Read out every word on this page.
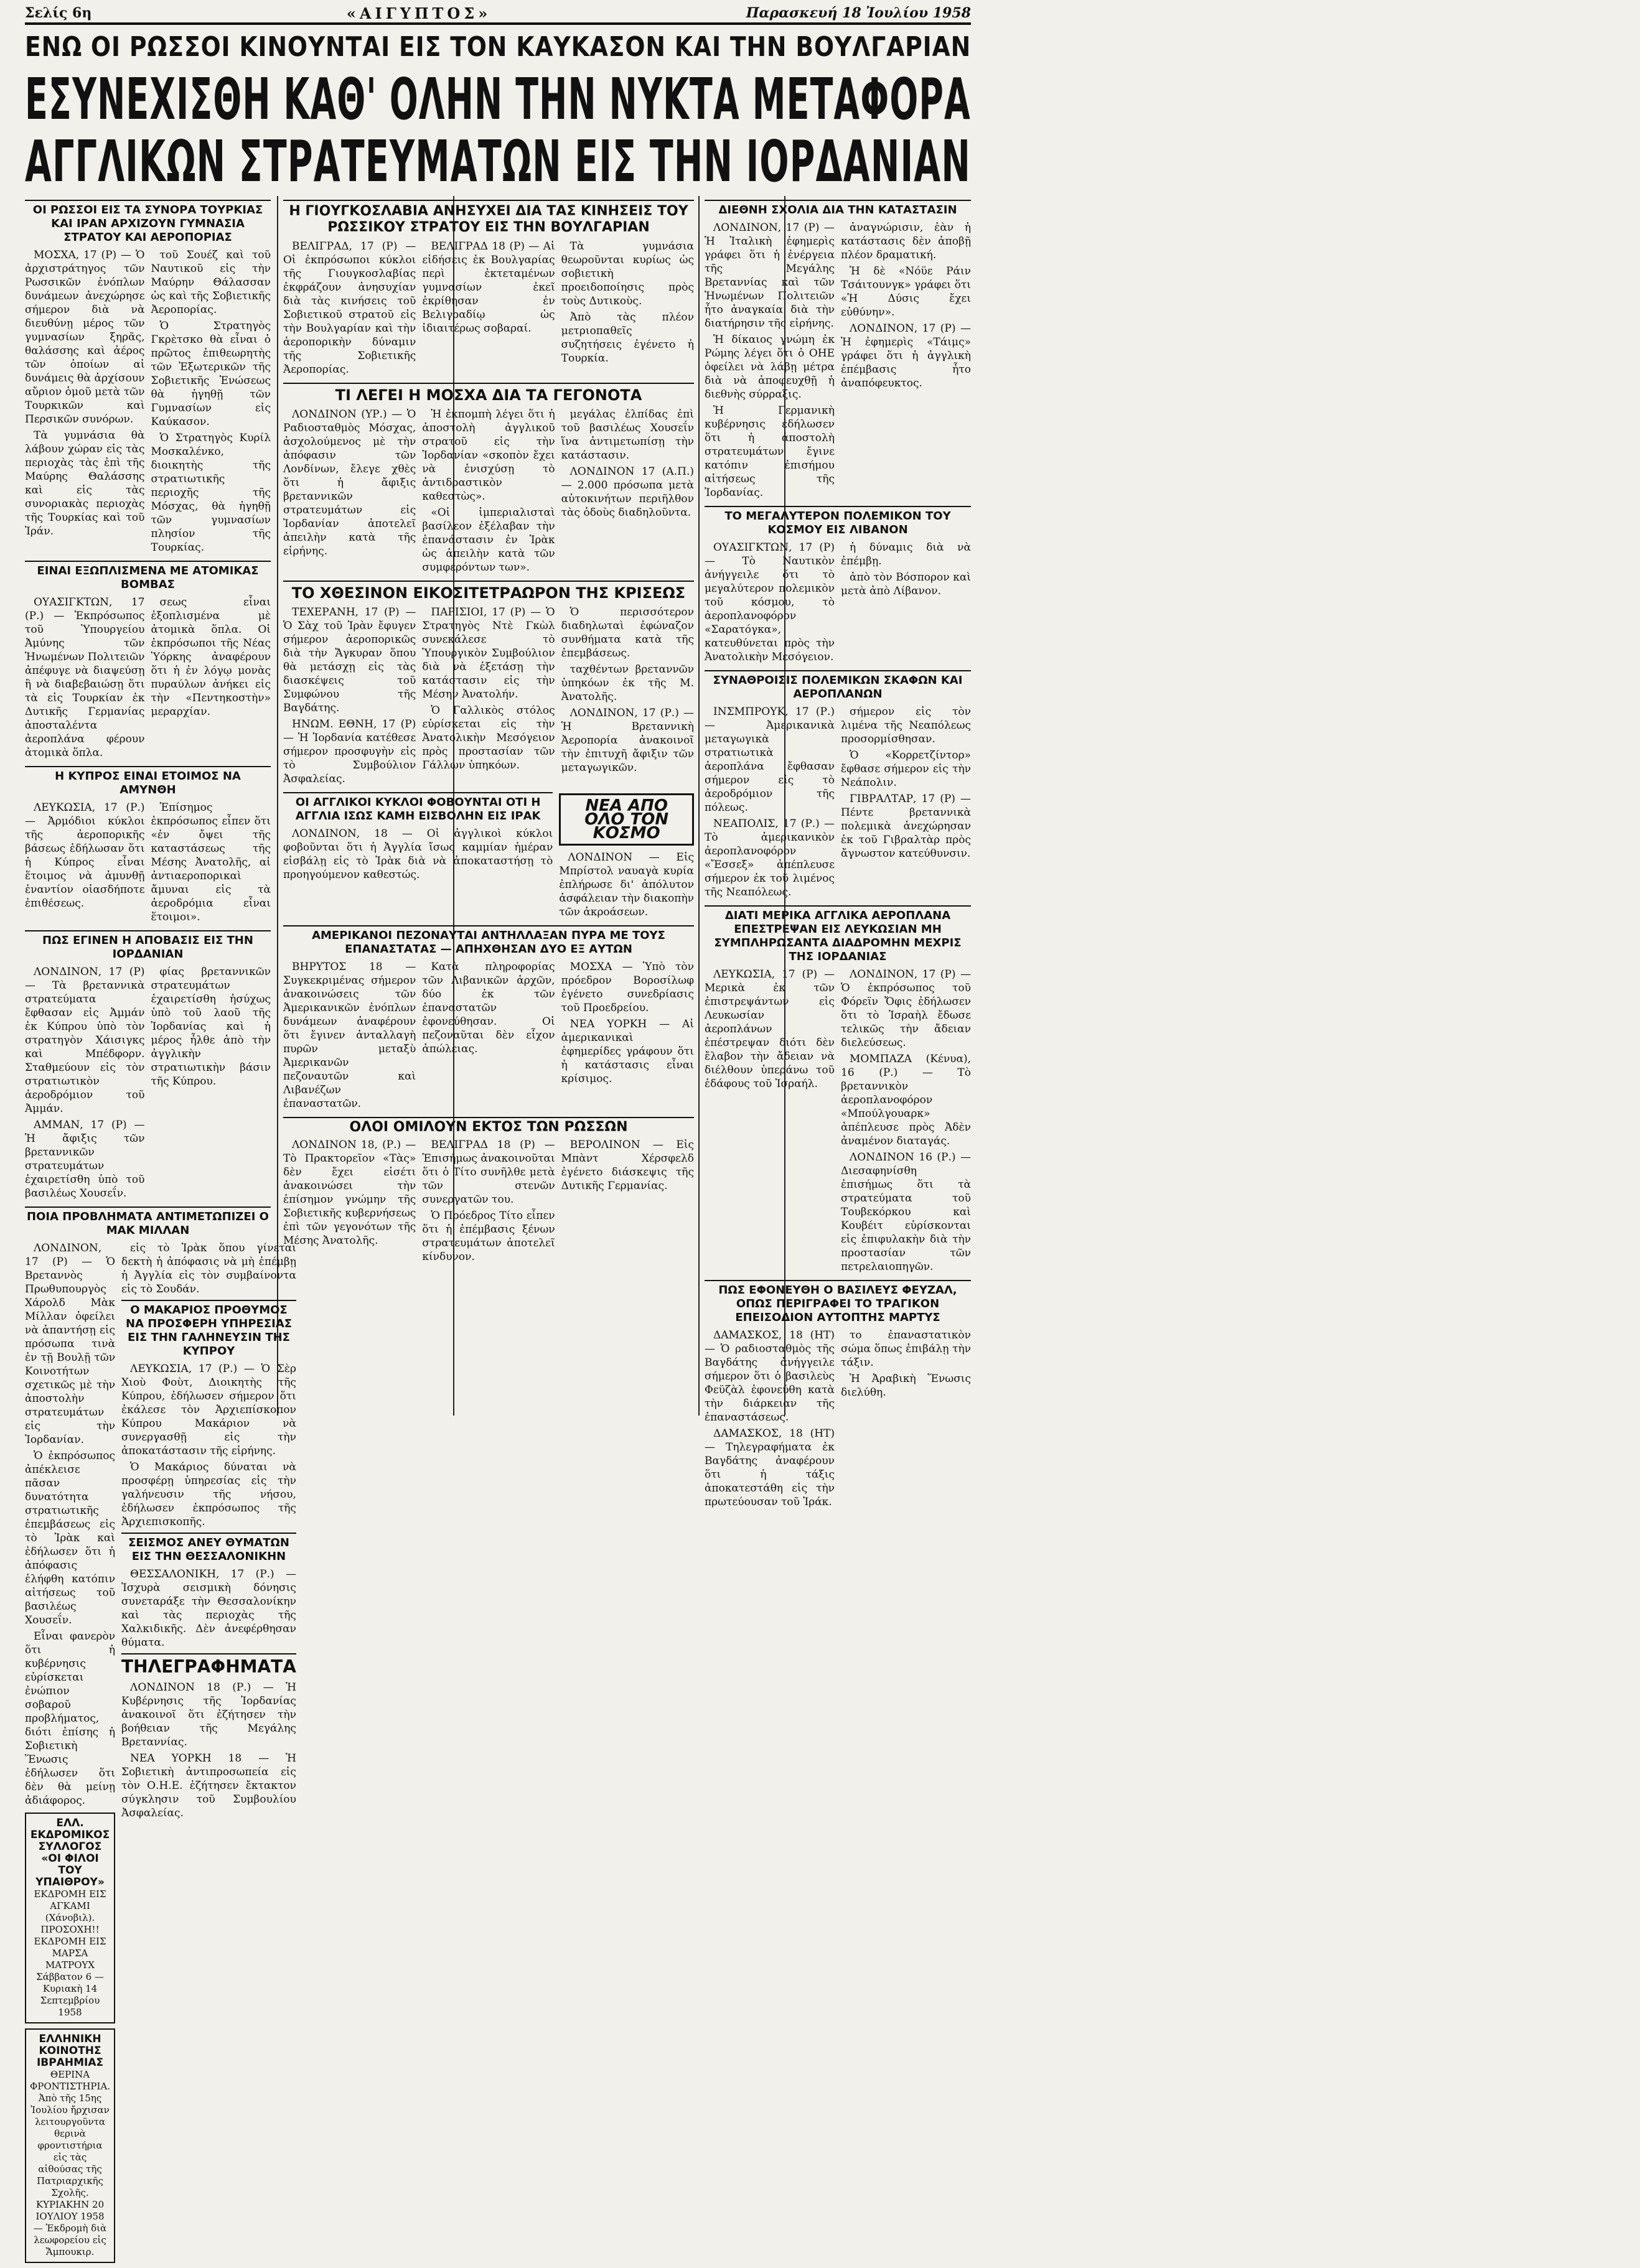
Σελίς 6η	«ΑΙΓΥΠΤΟΣ»	Παρασκευή 18 Ἰουλίου 1958
ΕΝΩ ΟΙ ΡΩΣΣΟΙ ΚΙΝΟΥΝΤΑΙ ΕΙΣ ΤΟΝ ΚΑΥΚΑΣΟΝ ΚΑΙ ΤΗΝ ΒΟΥΛΓΑΡΙΑΝ
ΕΣΥΝΕΧΙΣΘΗ ΚΑΘ' ΟΛΗΝ ΤΗΝ ΝΥΚΤΑ ΜΕΤΑΦΟΡΑ
ΑΓΓΛΙΚΩΝ ΣΤΡΑΤΕΥΜΑΤΩΝ ΕΙΣ ΤΗΝ ΙΟΡΔΑΝΙΑΝ
ΟΙ ΡΩΣΣΟΙ ΕΙΣ ΤΑ ΣΥΝΟΡΑ ΤΟΥΡΚΙΑΣ ΚΑΙ ΙΡΑΝ ΑΡΧΙΖΟΥΝ ΓΥΜΝΑΣΙΑ ΣΤΡΑΤΟΥ ΚΑΙ ΑΕΡΟΠΟΡΙΑΣ

ΜΟΣΧΑ, 17 (Ρ) — Ὁ ἀρχιστράτηγος τῶν Ρωσσικῶν ἐνόπλων δυνάμεων ἀνεχώρησε σήμερον διὰ νὰ διευθύνῃ μέρος τῶν γυμνασίων ξηρᾶς, θαλάσσης καὶ ἀέρος τῶν ὁποίων αἱ δυνάμεις θὰ ἀρχίσουν αὔριον ὁμοῦ μετὰ τῶν Τουρκικῶν καὶ Περσικῶν συνόρων.

Τὰ γυμνάσια θὰ λάβουν χώραν εἰς τὰς περιοχὰς τὰς ἐπὶ τῆς Μαύρης Θαλάσσης καὶ εἰς τὰς συνοριακὰς περιοχὰς τῆς Τουρκίας καὶ τοῦ Ἰράν.

τοῦ Σουέζ καὶ τοῦ Ναυτικοῦ εἰς τὴν Μαύρην Θάλασσαν ὡς καὶ τῆς Σοβιετικῆς Ἀεροπορίας.

Ὁ Στρατηγὸς Γκρὲτσκο θὰ εἶναι ὁ πρῶτος ἐπιθεωρητὴς τῶν Ἐξωτερικῶν τῆς Σοβιετικῆς Ἑνώσεως θὰ ἡγηθῇ τῶν Γυμνασίων εἰς Καύκασον.

Ὁ Στρατηγὸς Κυρίλ Μοσκαλένκο, διοικητὴς τῆς στρατιωτικῆς περιοχῆς τῆς Μόσχας, θὰ ἡγηθῇ τῶν γυμνασίων πλησίον τῆς Τουρκίας.

ΕΙΝΑΙ ΕΞΩΠΛΙΣΜΕΝΑ ΜΕ ΑΤΟΜΙΚΑΣ ΒΟΜΒΑΣ

ΟΥΑΣΙΓΚΤΩΝ, 17 (Ρ.) — Ἐκπρόσωπος τοῦ Ὑπουργείου Ἀμύνης τῶν Ἡνωμένων Πολιτειῶν ἀπέφυγε νὰ διαψεύσῃ ἢ νὰ διαβεβαιώσῃ ὅτι τὰ εἰς Τουρκίαν ἐκ Δυτικῆς Γερμανίας ἀποσταλέντα ἀεροπλάνα φέρουν ἀτομικὰ ὅπλα.

σεως εἶναι ἐξοπλισμένα μὲ ἀτομικὰ ὅπλα. Οἱ ἐκπρόσωποι τῆς Νέας Ὑόρκης ἀναφέρουν ὅτι ἡ ἐν λόγῳ μονὰς πυραύλων ἀνήκει εἰς τὴν «Πεντηκοστὴν» μεραρχίαν.

Η ΚΥΠΡΟΣ ΕΙΝΑΙ ΕΤΟΙΜΟΣ ΝΑ ΑΜΥΝΘΗ

ΛΕΥΚΩΣΙΑ, 17 (Ρ.) — Ἀρμόδιοι κύκλοι τῆς ἀεροπορικῆς βάσεως ἐδήλωσαν ὅτι ἡ Κύπρος εἶναι ἕτοιμος νὰ ἀμυνθῇ ἐναντίον οἱασδήποτε ἐπιθέσεως.

Ἐπίσημος ἐκπρόσωπος εἶπεν ὅτι «ἐν ὄψει τῆς καταστάσεως τῆς Μέσης Ἀνατολῆς, αἱ ἀντιαεροπορικαὶ ἄμυναι εἰς τὰ ἀεροδρόμια εἶναι ἕτοιμοι».

ΠΩΣ ΕΓΙΝΕΝ Η ΑΠΟΒΑΣΙΣ ΕΙΣ ΤΗΝ ΙΟΡΔΑΝΙΑΝ

ΛΟΝΔΙΝΟΝ, 17 (Ρ) — Τὰ βρεταννικὰ στρατεύματα ἔφθασαν εἰς Ἀμμάν ἐκ Κύπρου ὑπὸ τὸν στρατηγὸν Χάισιγκς καὶ Μπέδφορν. Σταθμεύουν εἰς τὸν στρατιωτικὸν ἀεροδρόμιον τοῦ Ἀμμάν.

ΑΜΜΑΝ, 17 (Ρ) — Ἡ ἄφιξις τῶν βρεταννικῶν στρατευμάτων ἐχαιρετίσθη ὑπὸ τοῦ βασιλέως Χουσεΐν.

φίας βρεταννικῶν στρατευμάτων ἐχαιρετίσθη ἡσύχως ὑπὸ τοῦ λαοῦ τῆς Ἰορδανίας καὶ ἡ μέρος ἦλθε ἀπὸ τὴν ἀγγλικὴν στρατιωτικὴν βάσιν τῆς Κύπρου.

ΠΟΙΑ ΠΡΟΒΛΗΜΑΤΑ ΑΝΤΙΜΕΤΩΠΙΖΕΙ Ο ΜΑΚ ΜΙΛΛΑΝ

ΛΟΝΔΙΝΟΝ, 17 (Ρ) — Ὁ Βρεταννὸς Πρωθυπουργὸς Χάρολδ Μὰκ Μίλλαν ὀφείλει νὰ ἀπαντήσῃ εἰς πρόσωπα τινὰ ἐν τῇ Βουλῇ τῶν Κοινοτήτων σχετικῶς μὲ τὴν ἀποστολὴν στρατευμάτων εἰς τὴν Ἰορδανίαν.

Ὁ ἐκπρόσωπος ἀπέκλεισε πᾶσαν δυνατότητα στρατιωτικῆς ἐπεμβάσεως εἰς τὸ Ἰρὰκ καὶ ἐδήλωσεν ὅτι ἡ ἀπόφασις ἐλήφθη κατόπιν αἰτήσεως τοῦ βασιλέως Χουσεΐν.

Εἶναι φανερὸν ὅτι ἡ κυβέρνησις εὑρίσκεται ἐνώπιον σοβαροῦ προβλήματος, διότι ἐπίσης ἡ Σοβιετικὴ Ἕνωσις ἐδήλωσεν ὅτι δὲν θὰ μείνῃ ἀδιάφορος.

ΕΛΛ. ΕΚΔΡΟΜΙΚΟΣ ΣΥΛΛΟΓΟΣ «ΟΙ ΦΙΛΟΙ ΤΟΥ ΥΠΑΙΘΡΟΥ»
ΕΚΔΡΟΜΗ ΕΙΣ ΑΓΚΑΜΙ (Χάνοβιλ). ΠΡΟΣΟΧΗ!! ΕΚΔΡΟΜΗ ΕΙΣ ΜΑΡΣΑ ΜΑΤΡΟΥΧ Σάββατον 6 — Κυριακὴ 14 Σεπτεμβρίου 1958
ΕΛΛΗΝΙΚΗ ΚΟΙΝΟΤΗΣ ΙΒΡΑΗΜΙΑΣ
ΘΕΡΙΝΑ ΦΡΟΝΤΙΣΤΗΡΙΑ. Ἀπὸ τῆς 15ης Ἰουλίου ἤρχισαν λειτουργοῦντα θερινὰ φροντιστήρια εἰς τὰς αἰθούσας τῆς Πατριαρχικῆς Σχολῆς. ΚΥΡΙΑΚΗΝ 20 ΙΟΥΛΙΟΥ 1958 — Ἐκδρομὴ διὰ λεωφορείου εἰς Ἄμπουκιρ.

εἰς τὸ Ἰρὰκ ὅπου γίνεται δεκτὴ ἡ ἀπόφασις νὰ μὴ ἐπέμβῃ ἡ Ἀγγλία εἰς τὸν συμβαίνοντα εἰς τὸ Σουδάν.

Ο ΜΑΚΑΡΙΟΣ ΠΡΟΘΥΜΟΣ ΝΑ ΠΡΟΣΦΕΡΗ ΥΠΗΡΕΣΙΑΣ ΕΙΣ ΤΗΝ ΓΑΛΗΝΕΥΣΙΝ ΤΗΣ ΚΥΠΡΟΥ

ΛΕΥΚΩΣΙΑ, 17 (Ρ.) — Ὁ Σὲρ Χιοὺ Φοὺτ, Διοικητὴς τῆς Κύπρου, ἐδήλωσεν σήμερον ὅτι ἐκάλεσε τὸν Ἀρχιεπίσκοπον Κύπρου Μακάριον νὰ συνεργασθῇ εἰς τὴν ἀποκατάστασιν τῆς εἰρήνης.

Ὁ Μακάριος δύναται νὰ προσφέρῃ ὑπηρεσίας εἰς τὴν γαλήνευσιν τῆς νήσου, ἐδήλωσεν ἐκπρόσωπος τῆς Ἀρχιεπισκοπῆς.

ΣΕΙΣΜΟΣ ΑΝΕΥ ΘΥΜΑΤΩΝ ΕΙΣ ΤΗΝ ΘΕΣΣΑΛΟΝΙΚΗΝ

ΘΕΣΣΑΛΟΝΙΚΗ, 17 (Ρ.) — Ἰσχυρὰ σεισμικὴ δόνησις συνεταράξε τὴν Θεσσαλονίκην καὶ τὰς περιοχὰς τῆς Χαλκιδικῆς. Δὲν ἀνεφέρθησαν θύματα.

ΤΗΛΕΓΡΑΦΗΜΑΤΑ

ΛΟΝΔΙΝΟΝ 18 (Ρ.) — Ἡ Κυβέρνησις τῆς Ἰορδανίας ἀνακοινοῖ ὅτι ἐζήτησεν τὴν βοήθειαν τῆς Μεγάλης Βρεταννίας.

ΝΕΑ ΥΟΡΚΗ 18 — Ἡ Σοβιετικὴ ἀντιπροσωπεία εἰς τὸν Ο.Η.Ε. ἐζήτησεν ἔκτακτον σύγκλησιν τοῦ Συμβουλίου Ἀσφαλείας.

Η ΓΙΟΥΓΚΟΣΛΑΒΙΑ ΑΝΗΣΥΧΕΙ ΔΙΑ ΤΑΣ ΚΙΝΗΣΕΙΣ ΤΟΥ ΡΩΣΣΙΚΟΥ ΣΤΡΑΤΟΥ ΕΙΣ ΤΗΝ ΒΟΥΛΓΑΡΙΑΝ

ΒΕΛΙΓΡΑΔ, 17 (Ρ) — Οἱ ἐκπρόσωποι κύκλοι τῆς Γιουγκοσλαβίας ἐκφράζουν ἀνησυχίαν διὰ τὰς κινήσεις τοῦ Σοβιετικοῦ στρατοῦ εἰς τὴν Βουλγαρίαν καὶ τὴν ἀεροπορικὴν δύναμιν τῆς Σοβιετικῆς Ἀεροπορίας.

ΒΕΛΙΓΡΑΔ 18 (Ρ) — Αἱ εἰδήσεις ἐκ Βουλγαρίας περὶ ἐκτεταμένων γυμνασίων ἐκεῖ ἐκρίθησαν ἐν Βελιγραδίῳ ὡς ἰδιαιτέρως σοβαραί.

Τὰ γυμνάσια θεωροῦνται κυρίως ὡς σοβιετικὴ προειδοποίησις πρὸς τοὺς Δυτικοὺς.

Ἀπὸ τὰς πλέον μετριοπαθεῖς συζητήσεις ἐγένετο ἡ Τουρκία.

ΤΙ ΛΕΓΕΙ Η ΜΟΣΧΑ ΔΙΑ ΤΑ ΓΕΓΟΝΟΤΑ

ΛΟΝΔΙΝΟΝ (ΥΡ.) — Ὁ Ραδιοσταθμὸς Μόσχας, ἀσχολούμενος μὲ τὴν ἀπόφασιν τῶν Λονδίνων, ἔλεγε χθὲς ὅτι ἡ ἄφιξις βρεταννικῶν στρατευμάτων εἰς Ἰορδανίαν ἀποτελεῖ ἀπειλὴν κατὰ τῆς εἰρήνης.

Ἡ ἐκπομπὴ λέγει ὅτι ἡ ἀποστολὴ ἀγγλικοῦ στρατοῦ εἰς τὴν Ἰορδανίαν «σκοπὸν ἔχει νὰ ἐνισχύσῃ τὸ ἀντιδραστικὸν καθεστὼς».

«Οἱ ἱμπεριαλισταὶ βασίλεον ἐξέλαβαν τὴν ἐπανάστασιν ἐν Ἰρὰκ ὡς ἀπειλὴν κατὰ τῶν συμφερόντων των».

μεγάλας ἐλπίδας ἐπὶ τοῦ βασιλέως Χουσεΐν ἵνα ἀντιμετωπίσῃ τὴν κατάστασιν.

ΛΟΝΔΙΝΟΝ 17 (Α.Π.) — 2.000 πρόσωπα μετὰ αὐτοκινήτων περιῆλθον τὰς ὁδοὺς διαδηλοῦντα.

ΤΟ ΧΘΕΣΙΝΟΝ ΕΙΚΟΣΙΤΕΤΡΑΩΡΟΝ ΤΗΣ ΚΡΙΣΕΩΣ

ΤΕΧΕΡΑΝΗ, 17 (Ρ) — Ὁ Σὰχ τοῦ Ἰρὰν ἔφυγεν σήμερον ἀεροπορικῶς διὰ τὴν Ἄγκυραν ὅπου θὰ μετάσχῃ εἰς τὰς διασκέψεις τοῦ Συμφώνου τῆς Βαγδάτης.

ΗΝΩΜ. ΕΘΝΗ, 17 (Ρ) — Ἡ Ἰορδανία κατέθεσε σήμερον προσφυγὴν εἰς τὸ Συμβούλιον Ἀσφαλείας.

ΠΑΡΙΣΙΟΙ, 17 (Ρ) — Ὁ Στρατηγὸς Ντὲ Γκὼλ συνεκάλεσε τὸ Ὑπουργικὸν Συμβούλιον διὰ νὰ ἐξετάσῃ τὴν κατάστασιν εἰς τὴν Μέσην Ἀνατολήν.

Ὁ Γαλλικὸς στόλος εὑρίσκεται εἰς τὴν Ἀνατολικὴν Μεσόγειον πρὸς προστασίαν τῶν Γάλλων ὑπηκόων.

Ὁ περισσότερον διαδηλωταὶ ἐφώναζον συνθήματα κατὰ τῆς ἐπεμβάσεως.

ταχθέντων βρεταννῶν ὑπηκόων ἐκ τῆς Μ. Ἀνατολῆς.

ΛΟΝΔΙΝΟΝ, 17 (Ρ.) — Ἡ Βρεταννικὴ Ἀεροπορία ἀνακοινοῖ τὴν ἐπιτυχῆ ἄφιξιν τῶν μεταγωγικῶν.

ΟΙ ΑΓΓΛΙΚΟΙ ΚΥΚΛΟΙ ΦΟΒΟΥΝΤΑΙ ΟΤΙ Η ΑΓΓΛΙΑ ΙΣΩΣ ΚΑΜΗ ΕΙΣΒΟΛΗΝ ΕΙΣ ΙΡΑΚ

ΛΟΝΔΙΝΟΝ, 18 — Οἱ ἀγγλικοὶ κύκλοι φοβοῦνται ὅτι ἡ Ἀγγλία ἴσως καμμίαν ἡμέραν εἰσβάλῃ εἰς τὸ Ἰρὰκ διὰ νὰ ἀποκαταστήσῃ τὸ προηγούμενον καθεστώς.

ΝΕΑ ΑΠΟ ΟΛΟ ΤΟΝ ΚΟΣΜΟ

ΛΟΝΔΙΝΟΝ — Εἰς Μπρίστολ ναυαγὰ κυρία ἐπλήρωσε δι' ἀπόλυτον ἀσφάλειαν τὴν διακοπὴν τῶν ἀκροάσεων.

ΑΜΕΡΙΚΑΝΟΙ ΠΕΖΟΝΑΥΤΑΙ ΑΝΤΗΛΛΑΞΑΝ ΠΥΡΑ ΜΕ ΤΟΥΣ ΕΠΑΝΑΣΤΑΤΑΣ — ΑΠΗΧΘΗΣΑΝ ΔΥΟ ΕΞ ΑΥΤΩΝ

ΒΗΡΥΤΟΣ 18 — Συγκεκριμένας σήμερον ἀνακοινώσεις τῶν Ἀμερικανικῶν ἐνόπλων δυνάμεων ἀναφέρουν ὅτι ἔγινεν ἀνταλλαγὴ πυρῶν μεταξὺ Ἀμερικανῶν πεζοναυτῶν καὶ Λιβανέζων ἐπαναστατῶν.

Κατὰ πληροφορίας τῶν Λιβανικῶν ἀρχῶν, δύο ἐκ τῶν ἐπαναστατῶν ἐφονεύθησαν. Οἱ πεζοναῦται δὲν εἶχον ἀπώλειας.

ΜΟΣΧΑ — Ὑπὸ τὸν πρόεδρον Βοροσίλωφ ἐγένετο συνεδρίασις τοῦ Προεδρείου.

ΝΕΑ ΥΟΡΚΗ — Αἱ ἀμερικανικαὶ ἐφημερίδες γράφουν ὅτι ἡ κατάστασις εἶναι κρίσιμος.

ΟΛΟΙ ΟΜΙΛΟΥΝ ΕΚΤΟΣ ΤΩΝ ΡΩΣΣΩΝ

ΛΟΝΔΙΝΟΝ 18, (Ρ.) — Τὸ Πρακτορεῖον «Τὰς» δὲν ἔχει εἰσέτι ἀνακοινώσει τὴν ἐπίσημον γνώμην τῆς Σοβιετικῆς κυβερνήσεως ἐπὶ τῶν γεγονότων τῆς Μέσης Ἀνατολῆς.

ΒΕΛΙΓΡΑΔ 18 (Ρ) — Ἐπισήμως ἀνακοινοῦται ὅτι ὁ Τίτο συνῆλθε μετὰ τῶν στενῶν συνεργατῶν του.

Ὁ Πρόεδρος Τίτο εἶπεν ὅτι ἡ ἐπέμβασις ξένων στρατευμάτων ἀποτελεῖ κίνδυνον.

ΒΕΡΟΛΙΝΟΝ — Εἰς Μπὰντ Χέρσφελδ ἐγένετο διάσκεψις τῆς Δυτικῆς Γερμανίας.

ΔΙΕΘΝΗ ΣΧΟΛΙΑ ΔΙΑ ΤΗΝ ΚΑΤΑΣΤΑΣΙΝ

ΛΟΝΔΙΝΟΝ, 17 (Ρ) — Ἡ Ἰταλικὴ ἐφημερὶς γράφει ὅτι ἡ ἐνέργεια τῆς Μεγάλης Βρεταννίας καὶ τῶν Ἡνωμένων Πολιτειῶν ἦτο ἀναγκαία διὰ τὴν διατήρησιν τῆς εἰρήνης.

Ἡ δίκαιος γνώμη ἐκ Ρώμης λέγει ὅτι ὁ ΟΗΕ ὀφείλει νὰ λάβῃ μέτρα διὰ νὰ ἀποφευχθῇ ἡ διεθνὴς σύρραξις.

Ἡ Γερμανικὴ κυβέρνησις ἐδήλωσεν ὅτι ἡ ἀποστολὴ στρατευμάτων ἔγινε κατόπιν ἐπισήμου αἰτήσεως τῆς Ἰορδανίας.

ἀναγνώρισιν, ἐὰν ἡ κατάστασις δὲν ἀποβῇ πλέον δραματική.

Ἡ δὲ «Νόϋε Ράιν Τσάιτουνγκ» γράφει ὅτι «Ἡ Δύσις ἔχει εὐθύνην».

ΛΟΝΔΙΝΟΝ, 17 (Ρ) — Ἡ ἐφημερὶς «Τάιμς» γράφει ὅτι ἡ ἀγγλικὴ ἐπέμβασις ἦτο ἀναπόφευκτος.

ΤΟ ΜΕΓΑΛΥΤΕΡΟΝ ΠΟΛΕΜΙΚΟΝ ΤΟΥ ΚΟΣΜΟΥ ΕΙΣ ΛΙΒΑΝΟΝ

ΟΥΑΣΙΓΚΤΩΝ, 17 (Ρ) — Τὸ Ναυτικὸν ἀνήγγειλε ὅτι τὸ μεγαλύτερον πολεμικὸν τοῦ κόσμου, τὸ ἀεροπλανοφόρον «Σαρατόγκα», κατευθύνεται πρὸς τὴν Ἀνατολικὴν Μεσόγειον.

ἡ δύναμις διὰ νὰ ἐπέμβῃ.

ἀπὸ τὸν Βόσπορον καὶ μετὰ ἀπὸ Λίβανον.

ΣΥΝΑΘΡΟΙΣΙΣ ΠΟΛΕΜΙΚΩΝ ΣΚΑΦΩΝ ΚΑΙ ΑΕΡΟΠΛΑΝΩΝ

ΙΝΣΜΠΡΟΥΚ, 17 (Ρ.) — Ἀμερικανικὰ μεταγωγικὰ στρατιωτικὰ ἀεροπλάνα ἔφθασαν σήμερον εἰς τὸ ἀεροδρόμιον τῆς πόλεως.

ΝΕΑΠΟΛΙΣ, 17 (Ρ.) — Τὸ ἀμερικανικὸν ἀεροπλανοφόρον «Ἔσσεξ» ἀπέπλευσε σήμερον ἐκ τοῦ λιμένος τῆς Νεαπόλεως.

σήμερον εἰς τὸν λιμένα τῆς Νεαπόλεως προσορμίσθησαν.

Ὁ «Κορρετζίντορ» ἔφθασε σήμερον εἰς τὴν Νεάπολιν.

ΓΙΒΡΑΛΤΑΡ, 17 (Ρ) — Πέντε βρεταννικὰ πολεμικὰ ἀνεχώρησαν ἐκ τοῦ Γιβραλτὰρ πρὸς ἄγνωστον κατεύθυνσιν.

ΔΙΑΤΙ ΜΕΡΙΚΑ ΑΓΓΛΙΚΑ ΑΕΡΟΠΛΑΝΑ ΕΠΕΣΤΡΕΨΑΝ ΕΙΣ ΛΕΥΚΩΣΙΑΝ ΜΗ ΣΥΜΠΛΗΡΩΣΑΝΤΑ ΔΙΑΔΡΟΜΗΝ ΜΕΧΡΙΣ ΤΗΣ ΙΟΡΔΑΝΙΑΣ

ΛΕΥΚΩΣΙΑ, 17 (Ρ) — Μερικὰ ἐκ τῶν ἐπιστρεψάντων εἰς Λευκωσίαν ἀεροπλάνων ἐπέστρεψαν διότι δὲν ἔλαβον τὴν ἄδειαν νὰ διέλθουν ὑπεράνω τοῦ ἐδάφους τοῦ Ἰσραήλ.

ΛΟΝΔΙΝΟΝ, 17 (Ρ) — Ὁ ἐκπρόσωπος τοῦ Φόρεϊν Ὄφις ἐδήλωσεν ὅτι τὸ Ἰσραὴλ ἔδωσε τελικῶς τὴν ἄδειαν διελεύσεως.

ΜΟΜΠΑΖΑ (Κένυα), 16 (Ρ.) — Τὸ βρεταννικὸν ἀεροπλανοφόρον «Μπούλγουαρκ» ἀπέπλευσε πρὸς Ἀδὲν ἀναμένον διαταγάς.

ΛΟΝΔΙΝΟΝ 16 (Ρ.) — Διεσαφηνίσθη ἐπισήμως ὅτι τὰ στρατεύματα τοῦ Τουβεκόρκου καὶ Κουβέιτ εὑρίσκονται εἰς ἐπιφυλακὴν διὰ τὴν προστασίαν τῶν πετρελαιοπηγῶν.

ΠΩΣ ΕΦΟΝΕΥΘΗ Ο ΒΑΣΙΛΕΥΣ ΦΕΥΖΑΛ, ΟΠΩΣ ΠΕΡΙΓΡΑΦΕΙ ΤΟ ΤΡΑΓΙΚΟΝ ΕΠΕΙΣΟΔΙΟΝ ΑΥΤΟΠΤΗΣ ΜΑΡΤΥΣ

ΔΑΜΑΣΚΟΣ, 18 (ΗΤ) — Ὁ ραδιοσταθμὸς τῆς Βαγδάτης ἀνήγγειλε σήμερον ὅτι ὁ βασιλεὺς Φεϋζὰλ ἐφονεύθη κατὰ τὴν διάρκειαν τῆς ἐπαναστάσεως.

ΔΑΜΑΣΚΟΣ, 18 (ΗΤ) — Τηλεγραφήματα ἐκ Βαγδάτης ἀναφέρουν ὅτι ἡ τάξις ἀποκατεστάθη εἰς τὴν πρωτεύουσαν τοῦ Ἰράκ.

το ἐπαναστατικὸν σώμα ὅπως ἐπιβάλῃ τὴν τάξιν.

Ἡ Ἀραβικὴ Ἕνωσις διελύθη.
